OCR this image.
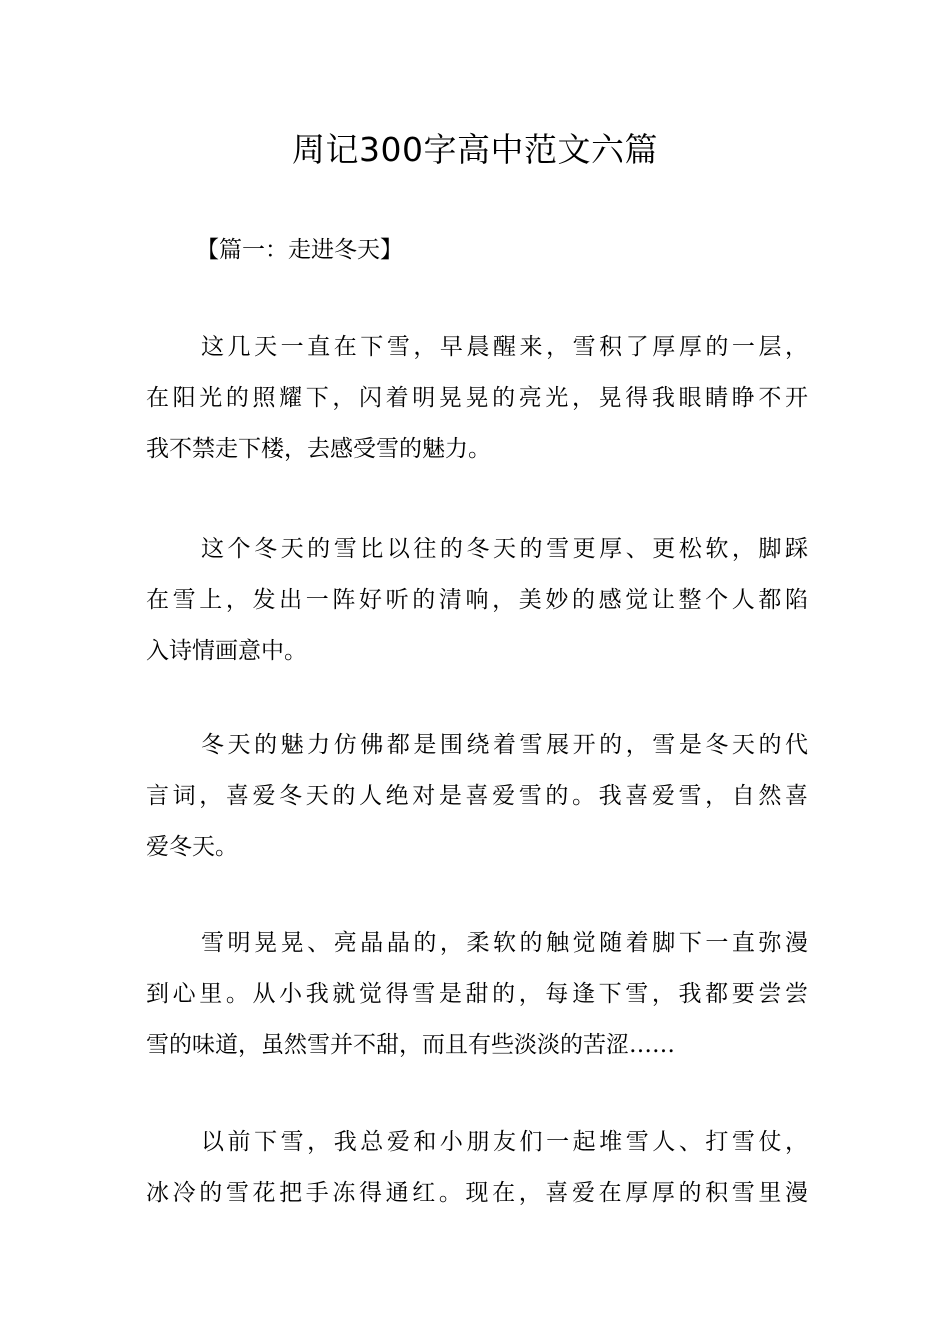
周记300字高中范文六篇
【篇一：走进冬天】

这几天一直在下雪，早晨醒来，雪积了厚厚的一层，
在阳光的照耀下，闪着明晃晃的亮光，晃得我眼睛睁不开
我不禁走下楼，去感受雪的魅力。

这个冬天的雪比以往的冬天的雪更厚、更松软，脚踩
在雪上，发出一阵好听的清响，美妙的感觉让整个人都陷
入诗情画意中。

冬天的魅力仿佛都是围绕着雪展开的，雪是冬天的代
言词，喜爱冬天的人绝对是喜爱雪的。我喜爱雪，自然喜
爱冬天。

雪明晃晃、亮晶晶的，柔软的触觉随着脚下一直弥漫
到心里。从小我就觉得雪是甜的，每逢下雪，我都要尝尝
雪的味道，虽然雪并不甜，而且有些淡淡的苦涩……

以前下雪，我总爱和小朋友们一起堆雪人、打雪仗，
冰冷的雪花把手冻得通红。现在，喜爱在厚厚的积雪里漫
